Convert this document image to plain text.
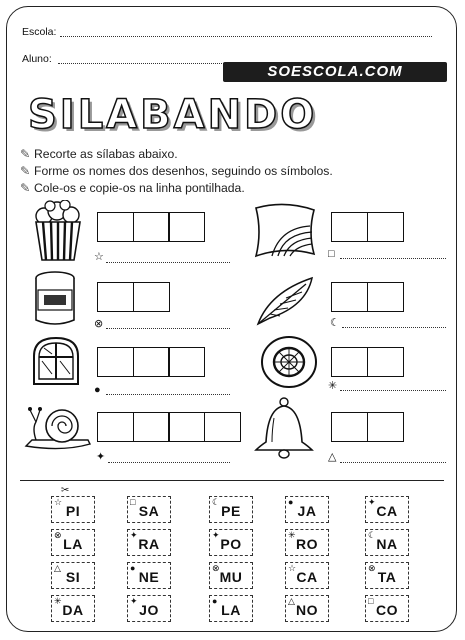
Escola:
Aluno:
SOESCOLA.COM
SILABANDO
✎ Recorte as sílabas abaixo.
✎ Forme os nomes dos desenhos, seguindo os símbolos.
✎ Cole-os e copie-os na linha pontilhada.
☆	□
⊗	☾
●	✳
✦	△
✂
☆
PI
□
SA
☾
PE
●
JA
✦
CA
⊗
LA
✦
RA
✦
PO
✳
RO
☾
NA
△
SI
●
NE
⊗
MU
☆
CA
⊗
TA
✳
DA
✦
JO
●
LA
△
NO
□
CO
